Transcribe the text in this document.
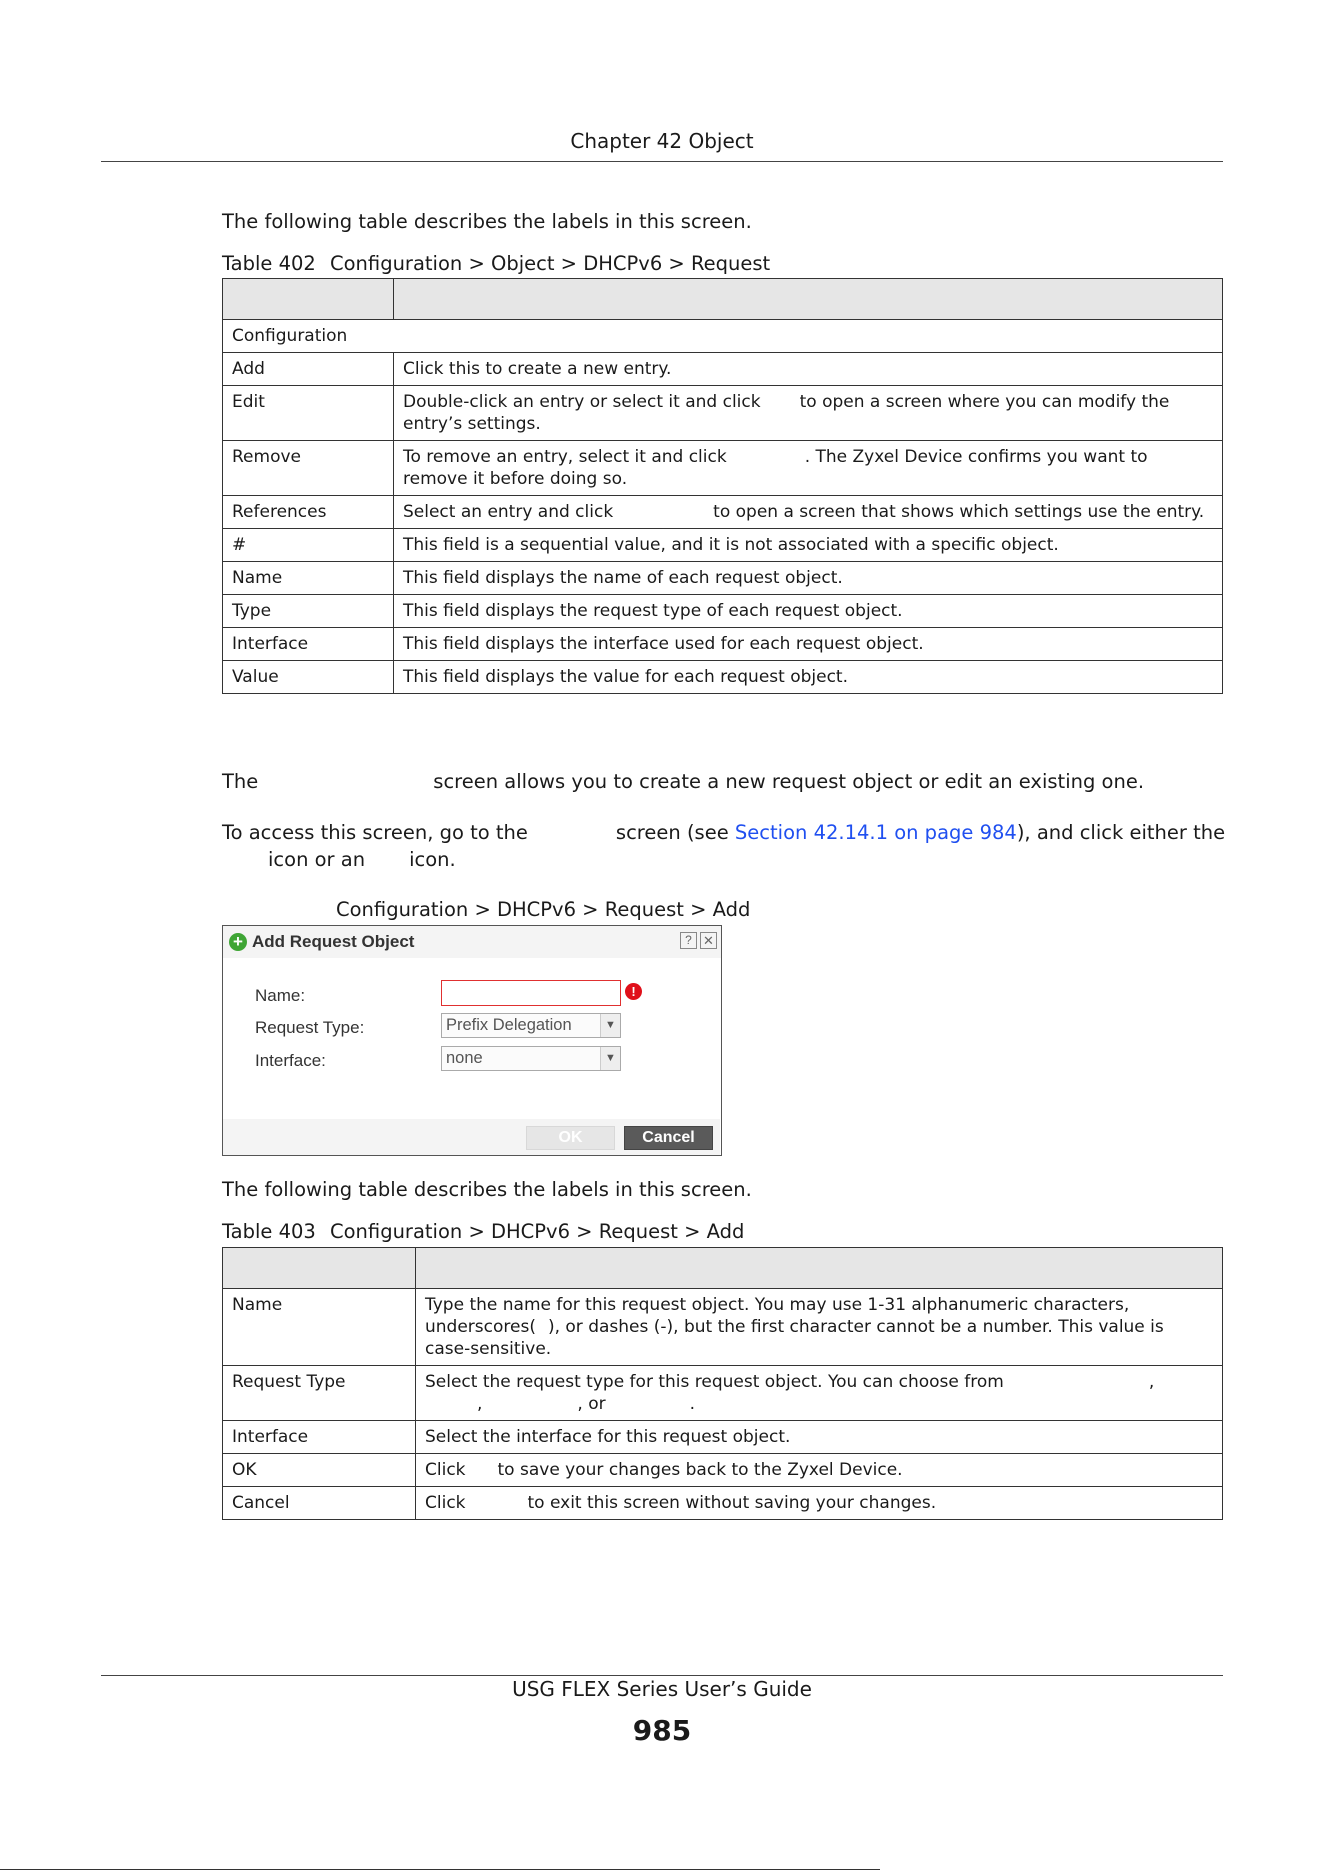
Chapter 42 Object
The following table describes the labels in this screen.
Table 402 Configuration > Object > DHCPv6 > Request

Configuration	
Add	Click this to create a new entry.
Edit	Double-click an entry or select it and click to open a screen where you can modify the entry’s settings.
Remove	To remove an entry, select it and click . The Zyxel Device confirms you want to remove it before doing so.
References	Select an entry and click to open a screen that shows which settings use the entry.
#	This field is a sequential value, and it is not associated with a specific object.
Name	This field displays the name of each request object.
Type	This field displays the request type of each request object.
Interface	This field displays the interface used for each request object.
Value	This field displays the value for each request object.
The	screen allows you to create a new request object or edit an existing one.
To access this screen, go to the	screen (see Section 42.14.1 on page 984), and click either the
icon or an icon.
Configuration > DHCPv6 > Request > Add
+ Add Request Object	? ✕
Name:	!
Request Type:	Prefix Delegation	▼
Interface:	none	▼
OK	Cancel
The following table describes the labels in this screen.
Table 403 Configuration > DHCPv6 > Request > Add

Name	Type the name for this request object. You may use 1-31 alphanumeric characters, underscores( ), or dashes (-), but the first character cannot be a number. This value is case-sensitive.
Request Type	Select the request type for this request object. You can choose from ,
, , or .
Interface	Select the interface for this request object.
OK	Click to save your changes back to the Zyxel Device.
Cancel	Click to exit this screen without saving your changes.
USG FLEX Series User’s Guide
985
